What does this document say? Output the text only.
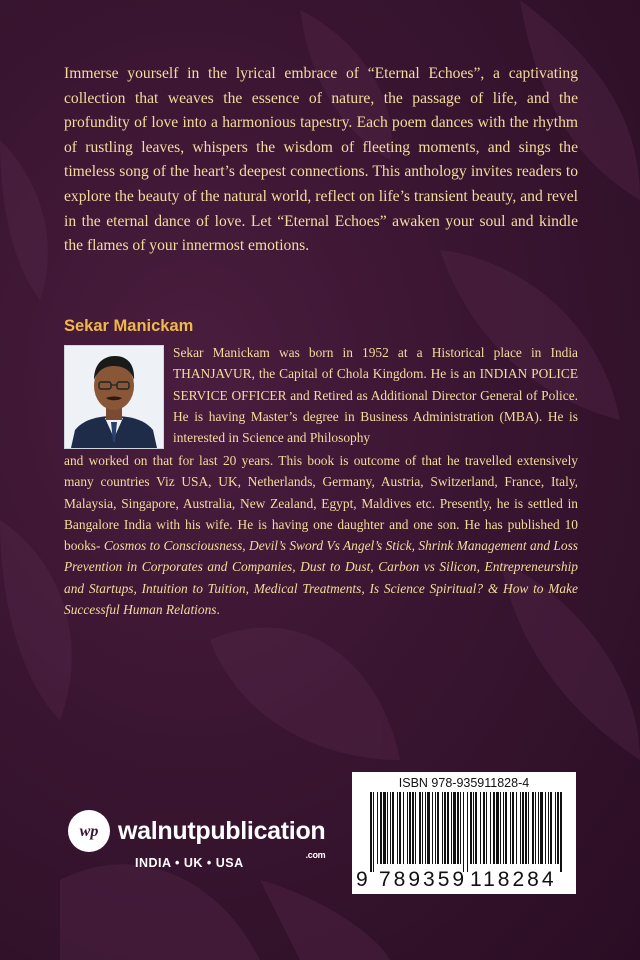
Immerse yourself in the lyrical embrace of “Eternal Echoes”, a captivating collection that weaves the essence of nature, the passage of life, and the profundity of love into a harmonious tapestry. Each poem dances with the rhythm of rustling leaves, whispers the wisdom of fleeting moments, and sings the timeless song of the heart’s deepest connections. This anthology invites readers to explore the beauty of the natural world, reflect on life’s transient beauty, and revel in the eternal dance of love. Let “Eternal Echoes” awaken your soul and kindle the flames of your innermost emotions.

Sekar Manickam

Sekar Manickam was born in 1952 at a Historical place in India THANJAVUR, the Capital of Chola Kingdom. He is an INDIAN POLICE SERVICE OFFICER and Retired as Additional Director General of Police. He is having Master’s degree in Business Administration (MBA). He is interested in Science and Philosophy

and worked on that for last 20 years. This book is outcome of that he travelled extensively many countries Viz USA, UK, Netherlands, Germany, Austria, Switzerland, France, Italy, Malaysia, Singapore, Australia, New Zealand, Egypt, Maldives etc. Presently, he is settled in Bangalore India with his wife. He is having one daughter and one son. He has published 10 books- Cosmos to Consciousness, Devil’s Sword Vs Angel’s Stick, Shrink Management and Loss Prevention in Corporates and Companies, Dust to Dust, Carbon vs Silicon, Entrepreneurship and Startups, Intuition to Tuition, Medical Treatments, Is Science Spiritual? & How to Make Successful Human Relations.

wp walnutpublication
.com
INDIA • UK • USA
ISBN 978-935911828-4
9 789359 118284
